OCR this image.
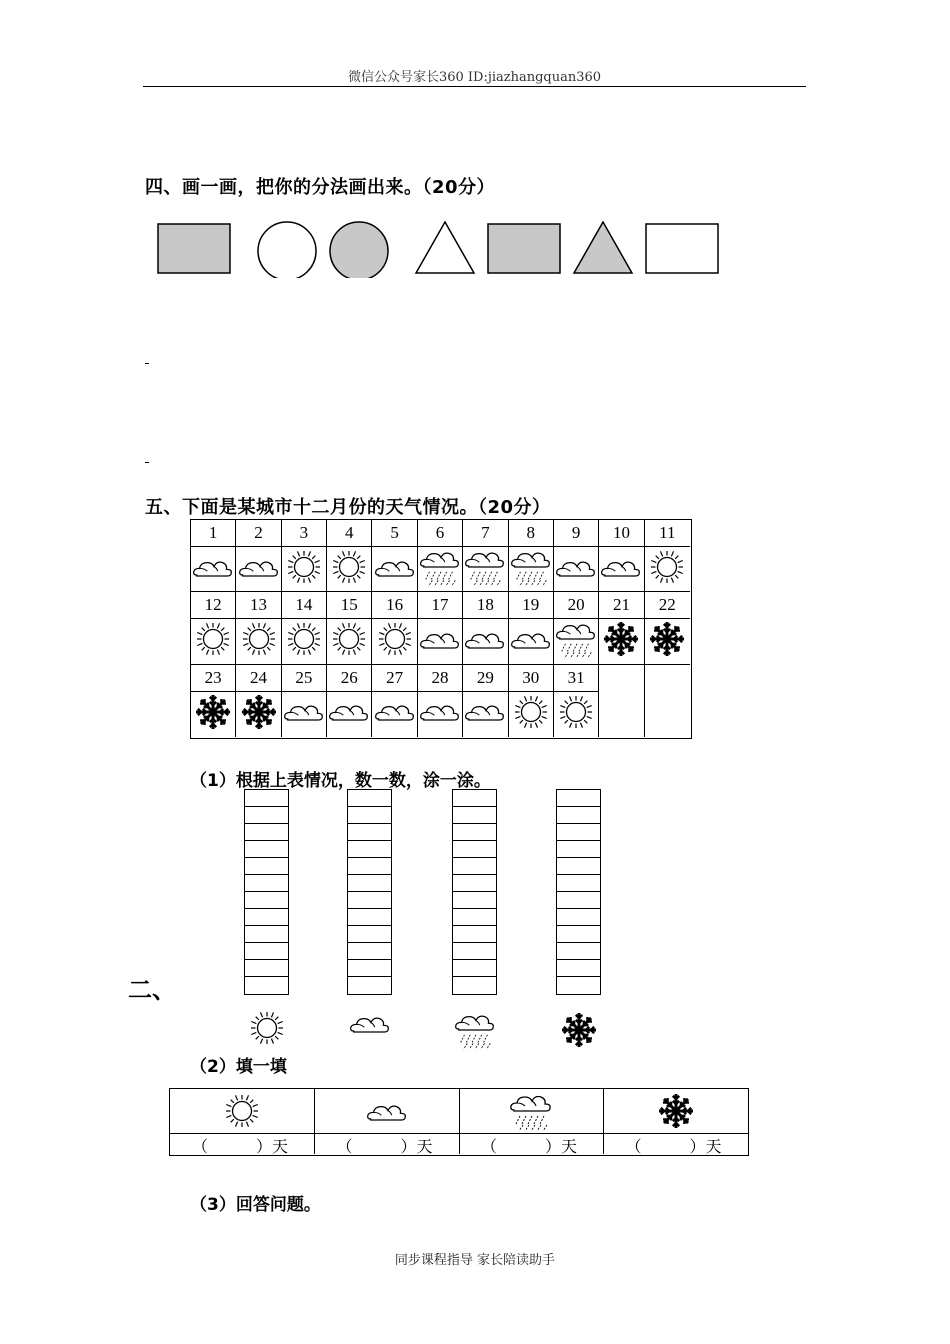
微信公众号家长360 ID:jiazhangquan360
四、画一画，把你的分法画出来。（20分）
五、下面是某城市十二月份的天气情况。（20分）
1	2	3	4	5	6	7	8	9	10	11
12	13	14	15	16	17	18	19	20	21	22
23	24	25	26	27	28	29	30	31
（1）根据上表情况，数一数，涂一涂。
二、
（2）填一填
（	）天	（	）天	（	）天	（	）天
（3）回答问题。
同步课程指导 家长陪读助手
